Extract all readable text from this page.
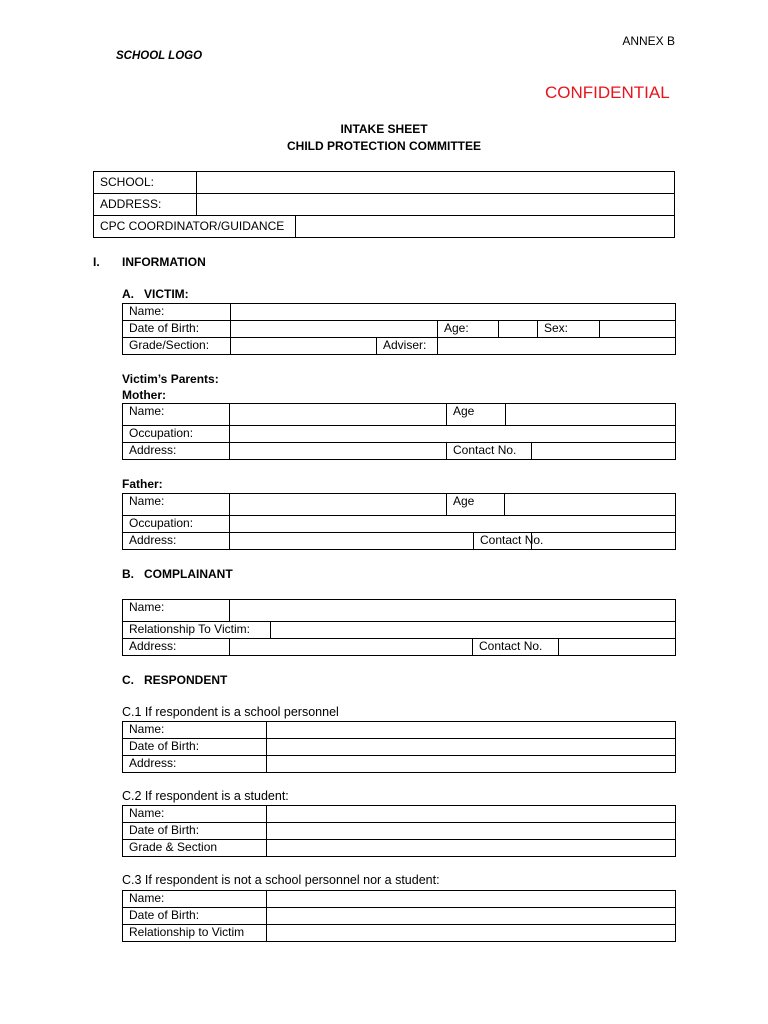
ANNEX B
SCHOOL LOGO
CONFIDENTIAL
INTAKE SHEET
CHILD PROTECTION COMMITTEE
SCHOOL:	
ADDRESS:	
CPC COORDINATOR/GUIDANCE	
I. INFORMATION
A.   VICTIM:
Name:						
Date of Birth:			Age:		Sex:	
Grade/Section:		Adviser:				
Victim’s Parents:
Mother:
Name:		Age		
Occupation:				
Address:		Contact No.		
Father:
Name:		Age			
Occupation:					
Address:			Contact No.		
B.   COMPLAINANT
Name:				
Relationship To Victim:				
Address:			Contact No.	
C.   RESPONDENT
C.1 If respondent is a school personnel
Name:	
Date of Birth:	
Address:	
C.2 If respondent is a student:
Name:	
Date of Birth:	
Grade & Section	
C.3 If respondent is not a school personnel nor a student:
Name:	
Date of Birth:	
Relationship to Victim	
